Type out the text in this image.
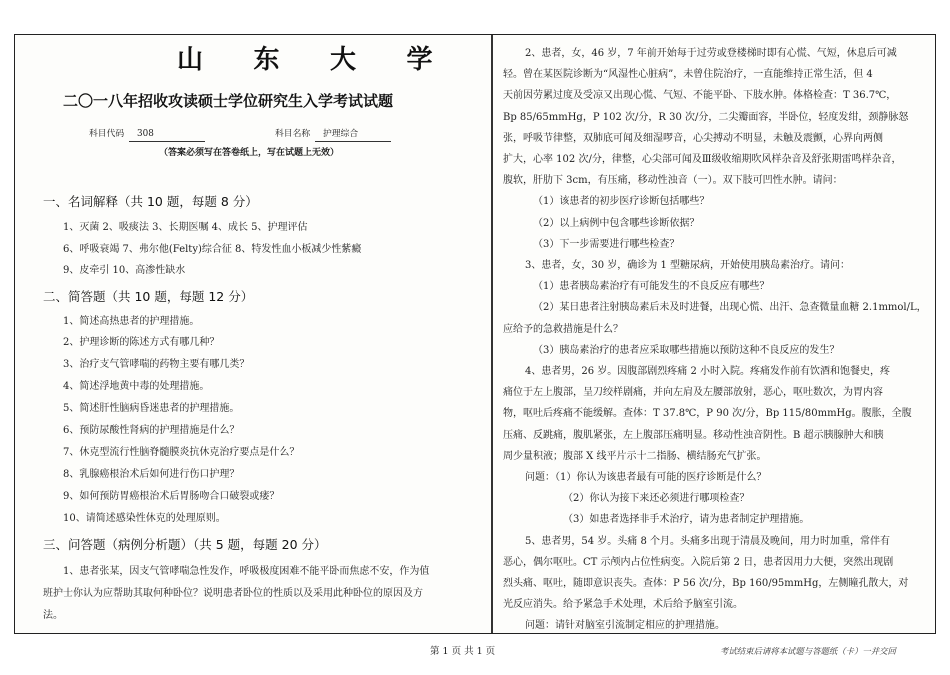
山 东 大 学
二〇一八年招收攻读硕士学位研究生入学考试试题
科目代码 308	科目名称 护理综合
（答案必须写在答卷纸上，写在试题上无效）
一、名词解释（共 10 题，每题 8 分）
1、灭菌 2、吸痰法 3、长期医嘱 4、成长 5、护理评估
6、呼吸衰竭 7、弗尔他(Felty)综合征 8、特发性血小板减少性紫癜
9、皮牵引 10、高渗性缺水
二、简答题（共 10 题，每题 12 分）
1、简述高热患者的护理措施。
2、护理诊断的陈述方式有哪几种？
3、治疗支气管哮喘的药物主要有哪几类？
4、简述浮地黄中毒的处理措施。
5、简述肝性脑病昏迷患者的护理措施。
6、预防尿酸性肾病的护理措施是什么？
7、休克型流行性脑脊髓膜炎抗休克治疗要点是什么？
8、乳腺癌根治术后如何进行伤口护理？
9、如何预防胃癌根治术后胃肠吻合口破裂或瘘？
10、请简述感染性休克的处理原则。
三、问答题（病例分析题）（共 5 题，每题 20 分）
1、患者张某，因支气管哮喘急性发作，呼吸极度困难不能平卧而焦虑不安，作为值
班护士你认为应帮助其取何种卧位？说明患者卧位的性质以及采用此种卧位的原因及方
法。
2、患者，女，46 岁，7 年前开始每于过劳或登楼梯时即有心慌、气短，休息后可减
轻。曾在某医院诊断为“风湿性心脏病”，未曾住院治疗，一直能维持正常生活，但 4
天前因劳累过度及受凉又出现心慌、气短、不能平卧、下肢水肿。体格检查：T 36.7℃，
Bp 85/65mmHg，P 102 次/分，R 30 次/分，二尖瓣面容，半卧位，轻度发绀，颈静脉怒
张，呼吸节律整，双肺底可闻及细湿啰音，心尖搏动不明显，未触及震颤，心界向两侧
扩大，心率 102 次/分，律整，心尖部可闻及Ⅲ级收缩期吹风样杂音及舒张期雷鸣样杂音，
腹软，肝肋下 3cm，有压痛，移动性浊音（一）。双下肢可凹性水肿。请问：
（1）该患者的初步医疗诊断包括哪些？
（2）以上病例中包含哪些诊断依据？
（3）下一步需要进行哪些检查？
3、患者，女，30 岁，确诊为 1 型糖尿病，开始使用胰岛素治疗。请问：
（1）患者胰岛素治疗有可能发生的不良反应有哪些？
（2）某日患者注射胰岛素后未及时进餐，出现心慌、出汗、急查微量血糖 2.1mmol/L，
应给予的急救措施是什么？
（3）胰岛素治疗的患者应采取哪些措施以预防这种不良反应的发生？
4、患者男，26 岁。因腹部剧烈疼痛 2 小时入院。疼痛发作前有饮酒和饱餐史，疼
痛位于左上腹部，呈刀绞样剧痛，并向左肩及左腰部放射，恶心，呕吐数次，为胃内容
物，呕吐后疼痛不能缓解。查体：T 37.8℃，P 90 次/分，Bp 115/80mmHg。腹胀，全腹
压痛、反跳痛，腹肌紧张，左上腹部压痛明显。移动性浊音阴性。B 超示胰腺肿大和胰
周少量积液；腹部 X 线平片示十二指肠、横结肠充气扩张。
问题：（1）你认为该患者最有可能的医疗诊断是什么？
（2）你认为接下来还必须进行哪项检查？
（3）如患者选择非手术治疗，请为患者制定护理措施。
5、患者男，54 岁。头痛 8 个月。头痛多出现于清晨及晚间，用力时加重，常伴有
恶心，偶尔呕吐。CT 示颅内占位性病变。入院后第 2 日，患者因用力大便，突然出现剧
烈头痛、呕吐，随即意识丧失。查体：P 56 次/分，Bp 160/95mmHg，左侧瞳孔散大，对
光反应消失。给予紧急手术处理，术后给予脑室引流。
问题：请针对脑室引流制定相应的护理措施。
第 1 页 共 1 页	考试结束后请将本试题与答题纸（卡）一并交回
